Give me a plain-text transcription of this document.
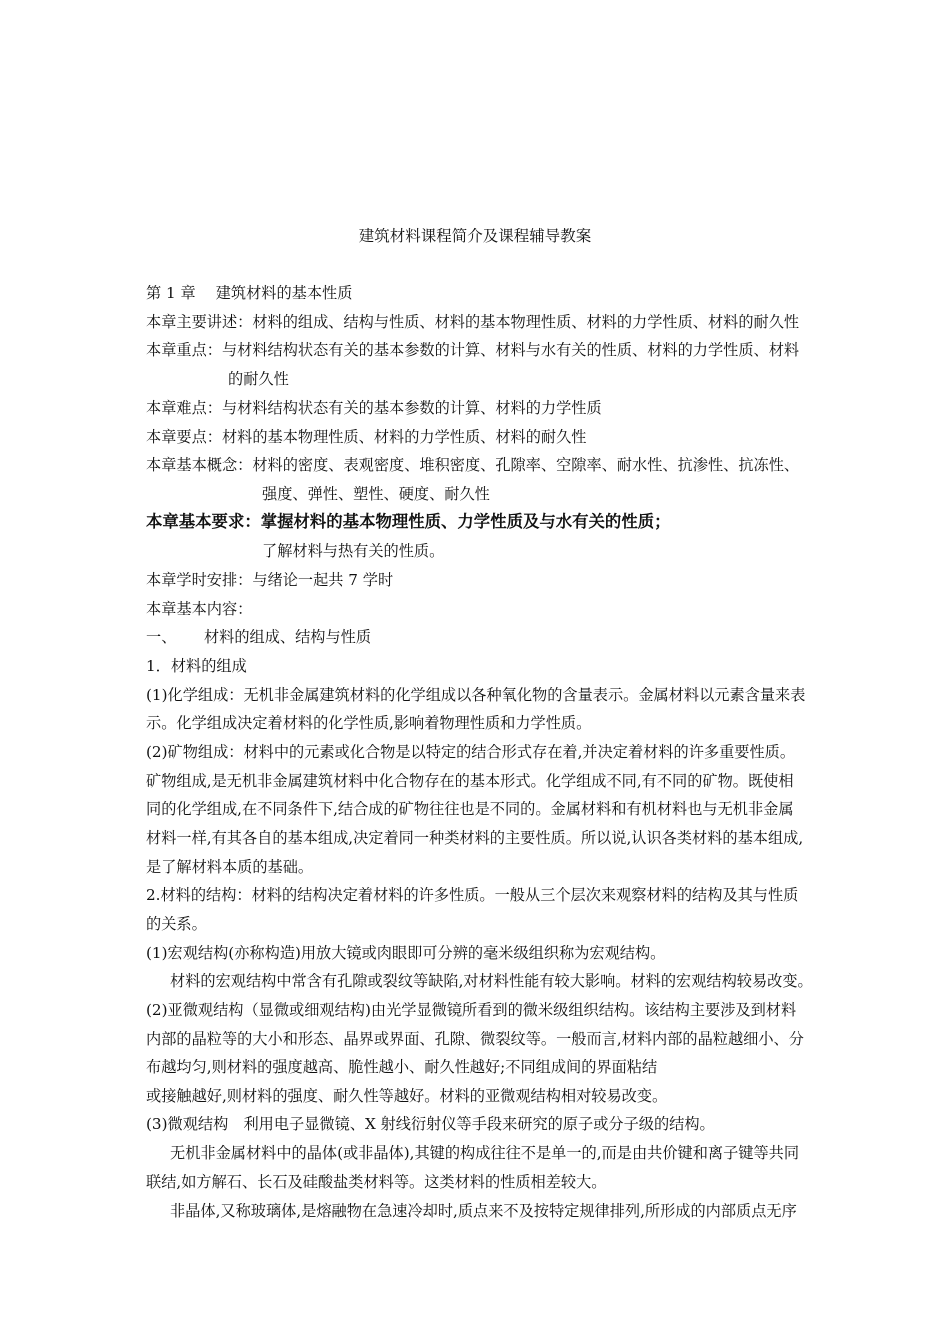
建筑材料课程简介及课程辅导教案
第 1 章　 建筑材料的基本性质
本章主要讲述：材料的组成、结构与性质、材料的基本物理性质、材料的力学性质、材料的耐久性
本章重点：与材料结构状态有关的基本参数的计算、材料与水有关的性质、材料的力学性质、材料
的耐久性
本章难点：与材料结构状态有关的基本参数的计算、材料的力学性质
本章要点：材料的基本物理性质、材料的力学性质、材料的耐久性
本章基本概念：材料的密度、表观密度、堆积密度、孔隙率、空隙率、耐水性、抗渗性、抗冻性、
强度、弹性、塑性、硬度、耐久性
本章基本要求：掌握材料的基本物理性质、力学性质及与水有关的性质；
了解材料与热有关的性质。
本章学时安排：与绪论一起共 7 学时
本章基本内容：
一、　　 材料的组成、结构与性质
1．材料的组成
(1)化学组成：无机非金属建筑材料的化学组成以各种氧化物的含量表示。金属材料以元素含量来表
示。化学组成决定着材料的化学性质,影响着物理性质和力学性质。
(2)矿物组成：材料中的元素或化合物是以特定的结合形式存在着,并决定着材料的许多重要性质。
矿物组成,是无机非金属建筑材料中化合物存在的基本形式。化学组成不同,有不同的矿物。既使相
同的化学组成,在不同条件下,结合成的矿物往往也是不同的。金属材料和有机材料也与无机非金属
材料一样,有其各自的基本组成,决定着同一种类材料的主要性质。所以说,认识各类材料的基本组成,
是了解材料本质的基础。
2.材料的结构：材料的结构决定着材料的许多性质。一般从三个层次来观察材料的结构及其与性质
的关系。
(1)宏观结构(亦称构造)用放大镜或肉眼即可分辨的毫米级组织称为宏观结构。
材料的宏观结构中常含有孔隙或裂纹等缺陷,对材料性能有较大影响。材料的宏观结构较易改变。
(2)亚微观结构（显微或细观结构)由光学显微镜所看到的微米级组织结构。该结构主要涉及到材料
内部的晶粒等的大小和形态、晶界或界面、孔隙、微裂纹等。一般而言,材料内部的晶粒越细小、分
布越均匀,则材料的强度越高、脆性越小、耐久性越好;不同组成间的界面粘结
或接触越好,则材料的强度、耐久性等越好。材料的亚微观结构相对较易改变。
(3)微观结构　利用电子显微镜、X 射线衍射仪等手段来研究的原子或分子级的结构。
无机非金属材料中的晶体(或非晶体),其键的构成往往不是单一的,而是由共价键和离子键等共同
联结,如方解石、长石及硅酸盐类材料等。这类材料的性质相差较大。
非晶体,又称玻璃体,是熔融物在急速冷却时,质点来不及按特定规律排列,所形成的内部质点无序
